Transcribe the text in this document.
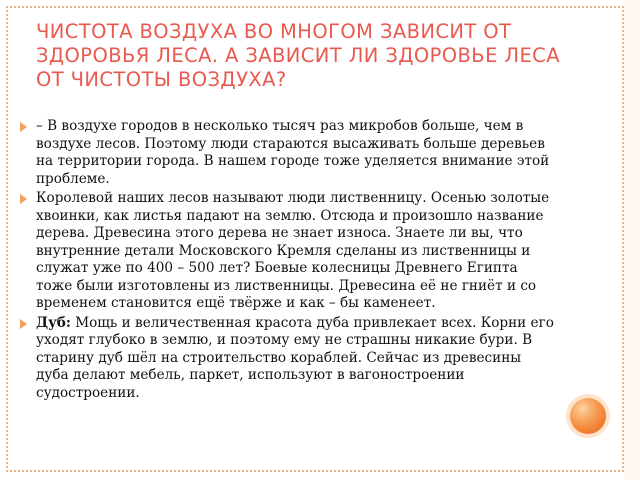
ЧИСТОТА ВОЗДУХА ВО МНОГОМ ЗАВИСИТ ОТ ЗДОРОВЬЯ ЛЕСА. А ЗАВИСИТ ЛИ ЗДОРОВЬЕ ЛЕСА ОТ ЧИСТОТЫ ВОЗДУХА?
– В воздухе городов в несколько тысяч раз микробов больше, чем в воздухе лесов. Поэтому люди стараются высаживать больше деревьев на территории города. В нашем городе тоже уделяется внимание этой проблеме.
Королевой наших лесов называют люди лиственницу. Осенью золотые хвоинки, как листья падают на землю. Отсюда и произошло название дерева. Древесина этого дерева не знает износа. Знаете ли вы, что внутренние детали Московского Кремля сделаны из лиственницы и служат уже по 400 – 500 лет? Боевые колесницы Древнего Египта тоже были изготовлены из лиственницы. Древесина её не гниёт и со временем становится ещё твёрже и как – бы каменеет.
Дуб: Мощь и величественная красота дуба привлекает всех. Корни его уходят глубоко в землю, и поэтому ему не страшны никакие бури. В старину дуб шёл на строительство кораблей. Сейчас из древесины дуба делают мебель, паркет, используют в вагоностроении судостроении.
